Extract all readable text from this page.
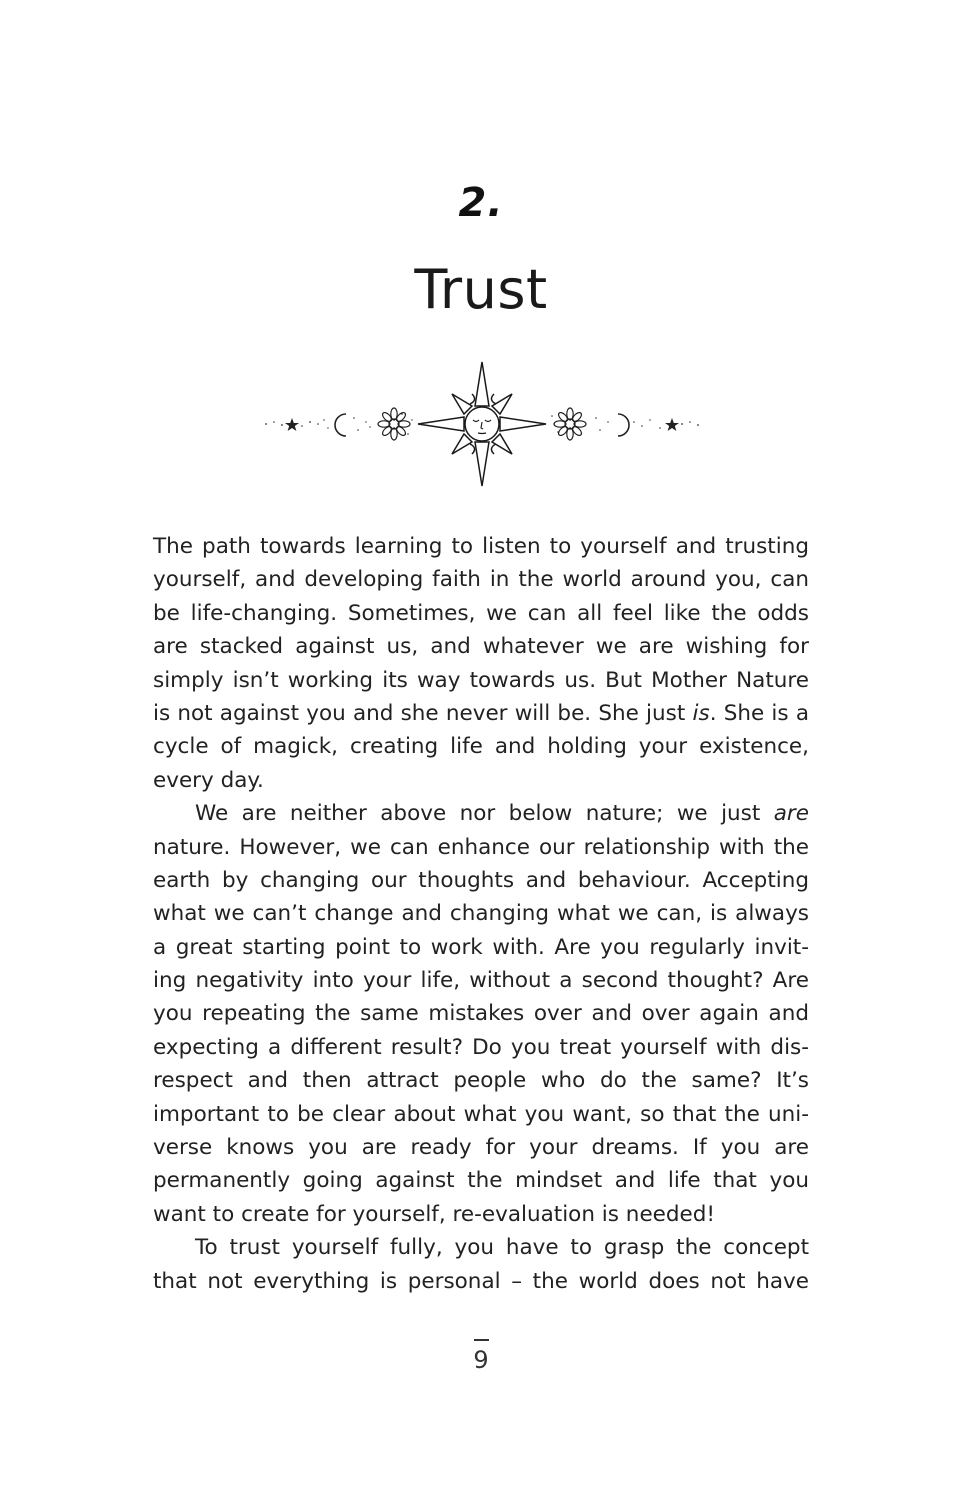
2.
Trust
The path towards learning to listen to yourself and trusting
yourself, and developing faith in the world around you, can
be life-changing. Sometimes, we can all feel like the odds
are stacked against us, and whatever we are wishing for
simply isn’t working its way towards us. But Mother Nature
is not against you and she never will be. She just is. She is a
cycle of magick, creating life and holding your existence,
every day.
We are neither above nor below nature; we just are
nature. However, we can enhance our relationship with the
earth by changing our thoughts and behaviour. Accepting
what we can’t change and changing what we can, is always
a great starting point to work with. Are you regularly invit-
ing negativity into your life, without a second thought? Are
you repeating the same mistakes over and over again and
expecting a different result? Do you treat yourself with dis-
respect and then attract people who do the same? It’s
important to be clear about what you want, so that the uni-
verse knows you are ready for your dreams. If you are
permanently going against the mindset and life that you
want to create for yourself, re-evaluation is needed!
To trust yourself fully, you have to grasp the concept
that not everything is personal – the world does not have
9
